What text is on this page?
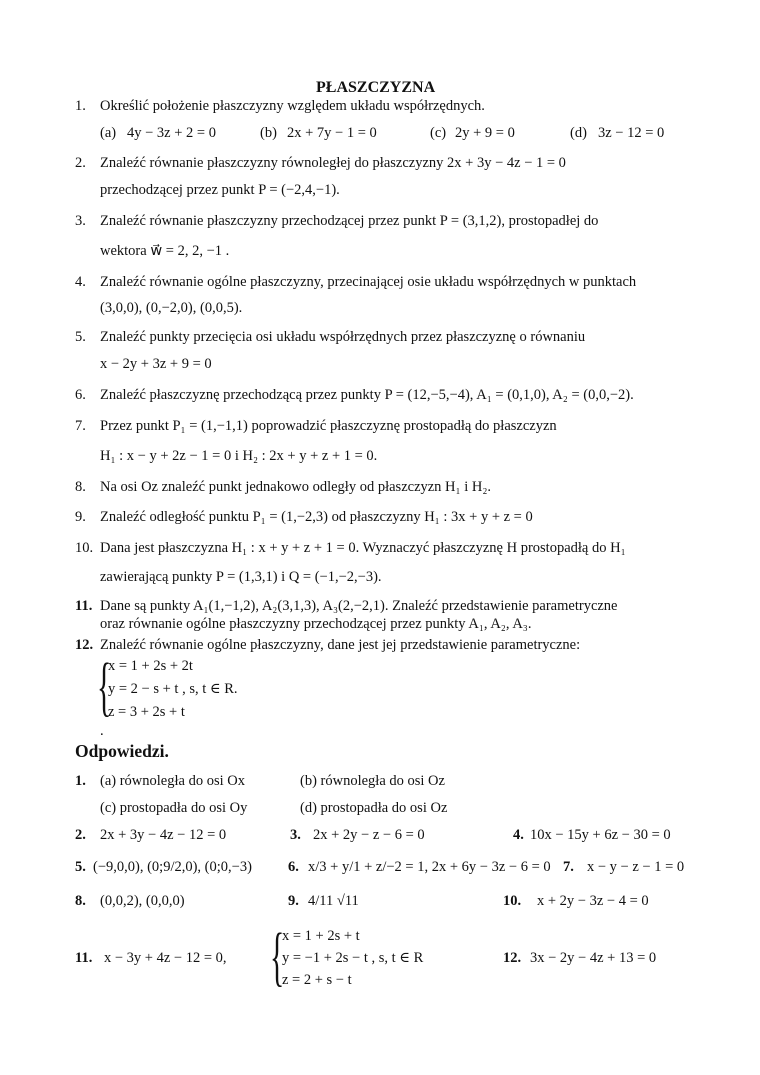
PŁASZCZYZNA
1. Określić położenie płaszczyzny względem układu współrzędnych.
(a) 4y − 3z + 2 = 0	(b) 2x + 7y − 1 = 0	(c) 2y + 9 = 0	(d) 3z − 12 = 0
2. Znaleźć równanie płaszczyzny równoległej do płaszczyzny 2x + 3y − 4z − 1 = 0
przechodzącej przez punkt P = (−2,4,−1).
3. Znaleźć równanie płaszczyzny przechodzącej przez punkt P = (3,1,2), prostopadłej do
wektora w⃗ = 2, 2, −1 .
4. Znaleźć równanie ogólne płaszczyzny, przecinającej osie układu współrzędnych w punktach
(3,0,0), (0,−2,0), (0,0,5).
5. Znaleźć punkty przecięcia osi układu współrzędnych przez płaszczyznę o równaniu
x − 2y + 3z + 9 = 0
6. Znaleźć płaszczyznę przechodzącą przez punkty P = (12,−5,−4), A₁ = (0,1,0), A₂ = (0,0,−2).
7. Przez punkt P₁ = (1,−1,1) poprowadzić płaszczyznę prostopadłą do płaszczyzn
H₁ : x − y + 2z − 1 = 0 i H₂ : 2x + y + z + 1 = 0.
8. Na osi Oz znaleźć punkt jednakowo odległy od płaszczyzn H₁ i H₂.
9. Znaleźć odległość punktu P₁ = (1,−2,3) od płaszczyzny H₁ : 3x + y + z = 0
10. Dana jest płaszczyzna H₁ : x + y + z + 1 = 0. Wyznaczyć płaszczyznę H prostopadłą do H₁
zawierającą punkty P = (1,3,1) i Q = (−1,−2,−3).
11. Dane są punkty A₁(1,−1,2), A₂(3,1,3), A₃(2,−2,1). Znaleźć przedstawienie parametryczne
oraz równanie ogólne płaszczyzny przechodzącej przez punkty A₁, A₂, A₃.
12. Znaleźć równanie ogólne płaszczyzny, dane jest jej przedstawienie parametryczne:
{
x = 1 + 2s + 2t
y = 2 − s + t , s, t ∈ R.
z = 3 + 2s + t
.
Odpowiedzi.
1. (a) równoległa do osi Ox	(b) równoległa do osi Oz
(c) prostopadła do osi Oy	(d) prostopadła do osi Oz
2. 2x + 3y − 4z − 12 = 0	3. 2x + 2y − z − 6 = 0	4. 10x − 15y + 6z − 30 = 0
5. (−9,0,0), (0;9/2,0), (0;0,−3) 6. x/3 + y/1 + z/−2 = 1, 2x + 6y − 3z − 6 = 0 7. x − y − z − 1 = 0
8. (0,0,2), (0,0,0)	9. 4/11 √11	10. x + 2y − 3z − 4 = 0
11. x − 3y + 4z − 12 = 0, {
x = 1 + 2s + t
y = −1 + 2s − t , s, t ∈ R
z = 2 + s − t
12. 3x − 2y − 4z + 13 = 0
